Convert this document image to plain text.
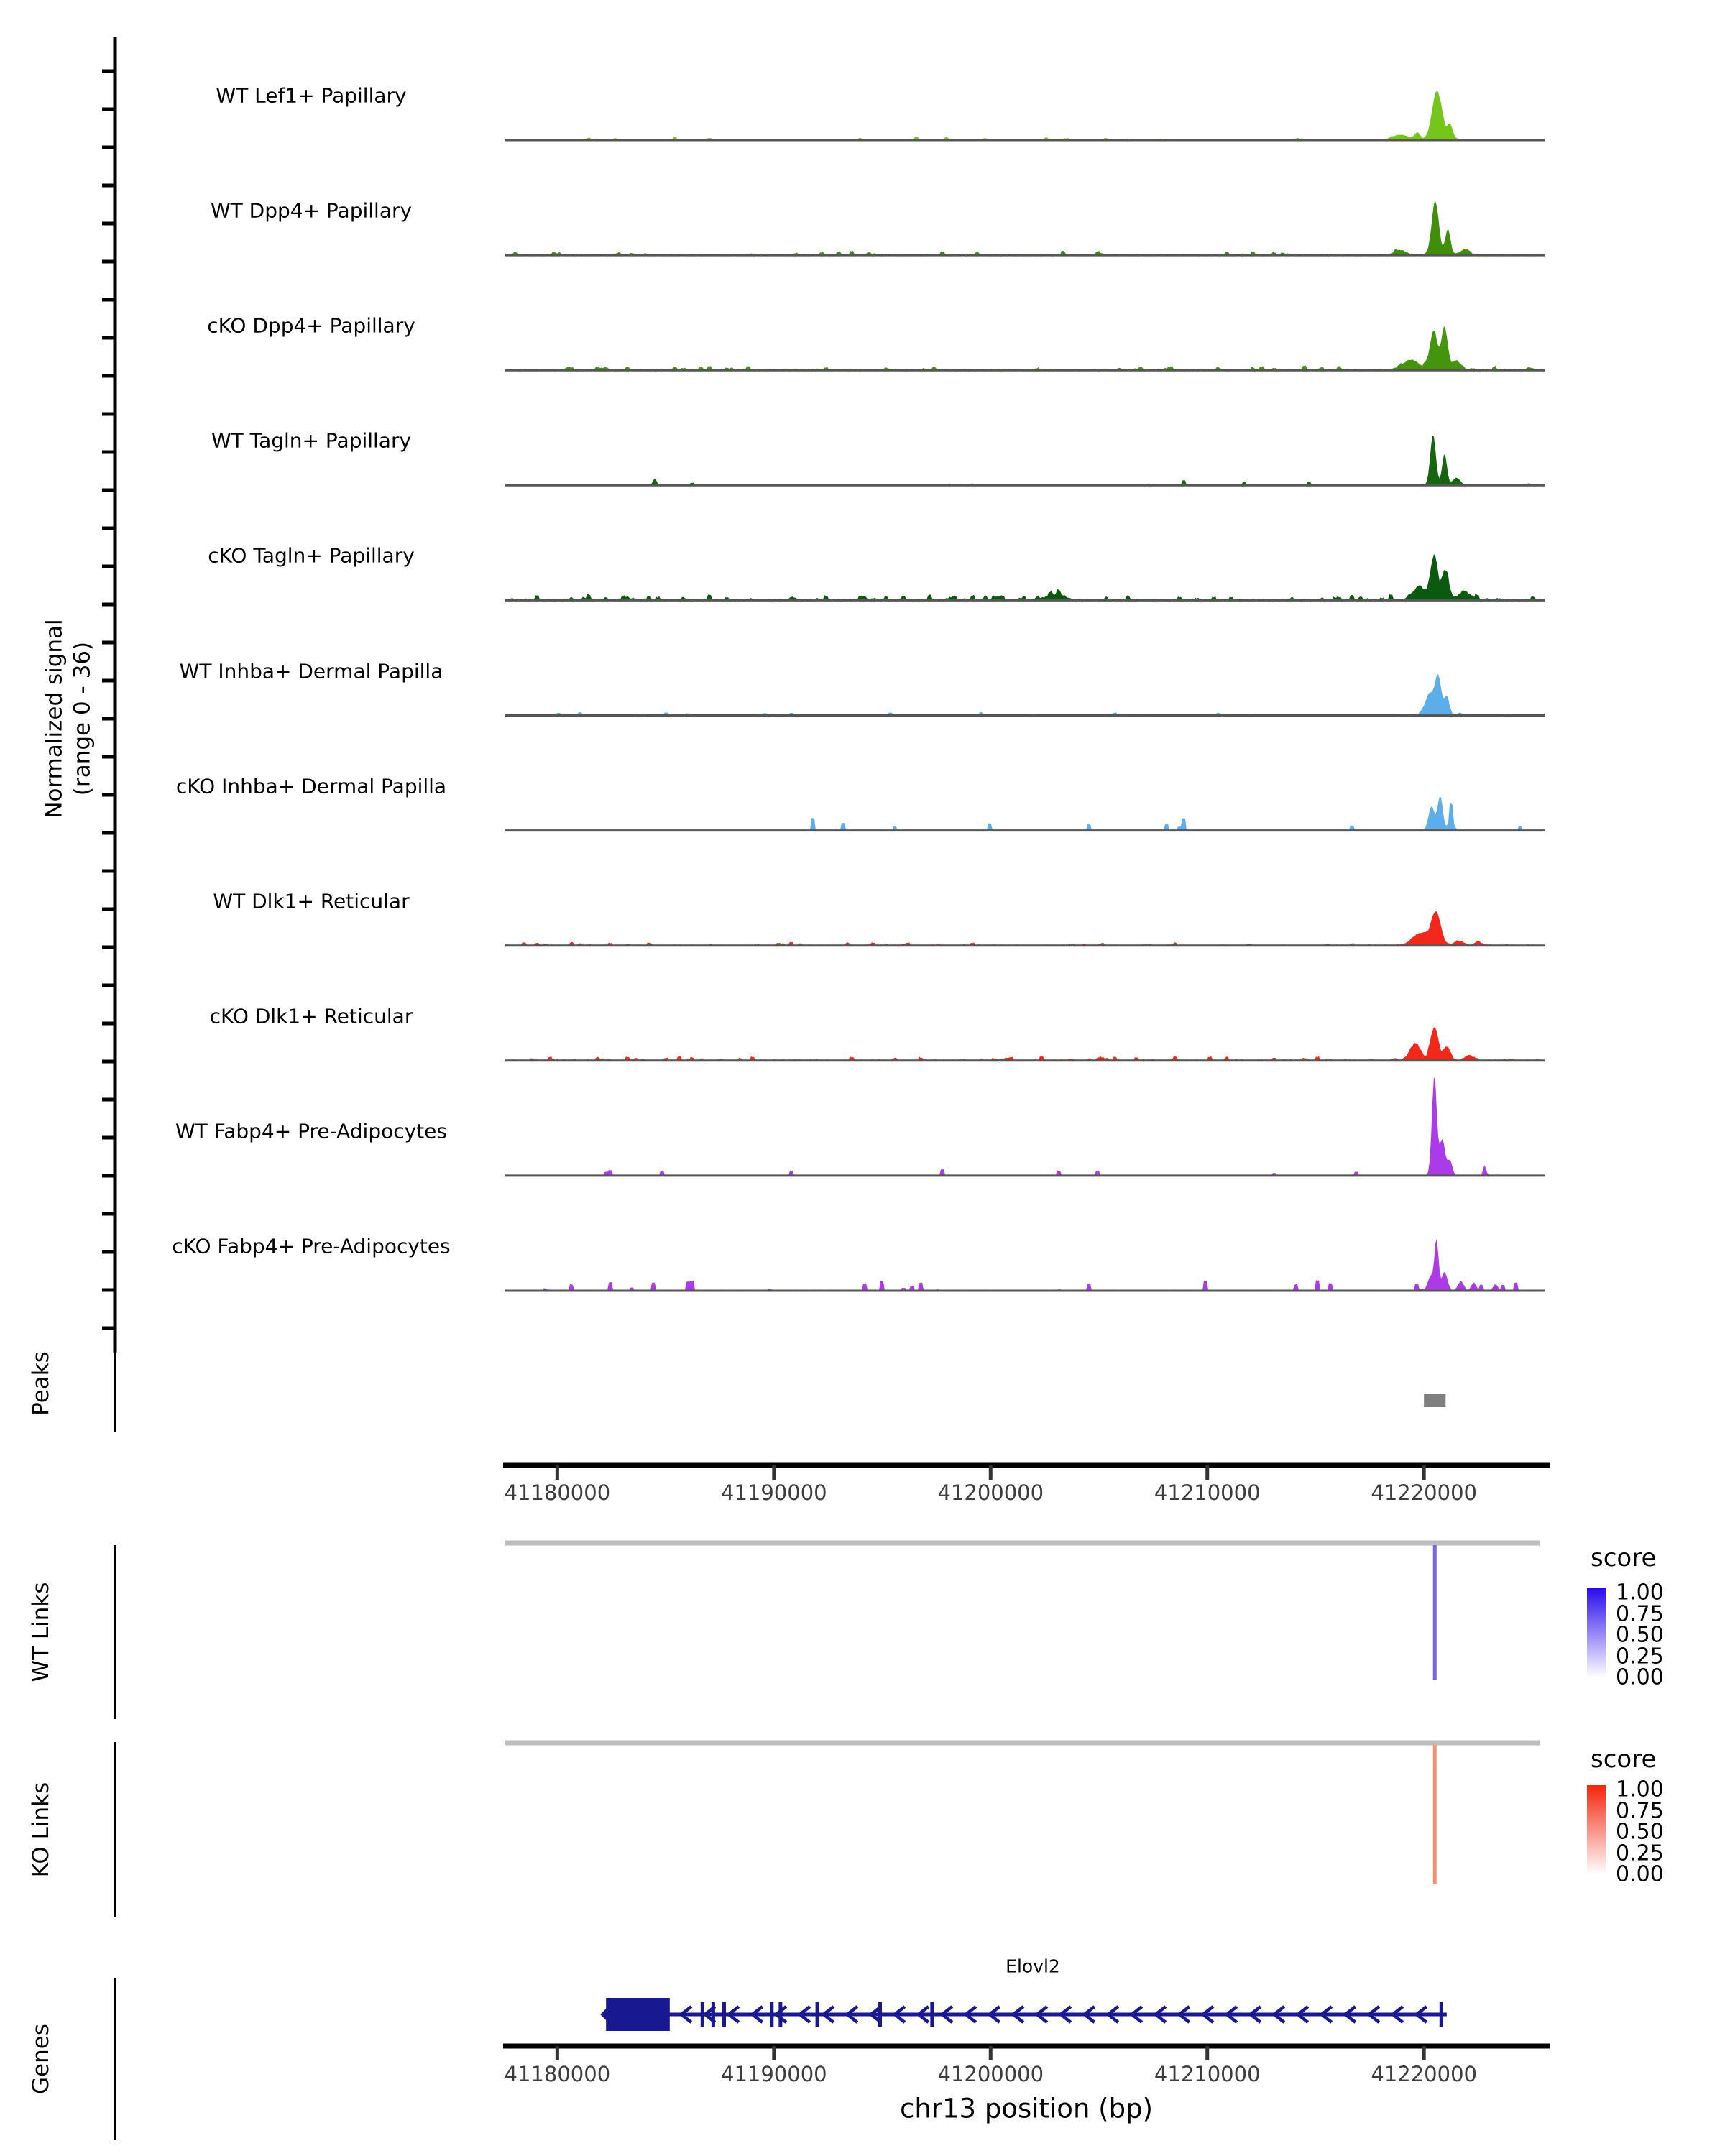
Normalized signal
(range 0 - 36)
chr13 position (bp)
WT Lef1+ Papillary
WT Dpp4+ Papillary
cKO Dpp4+ Papillary
WT Tagln+ Papillary
cKO Tagln+ Papillary
WT Inhba+ Dermal Papilla
cKO Inhba+ Dermal Papilla
WT Dlk1+ Reticular
cKO Dlk1+ Reticular
WT Fabp4+ Pre-Adipocytes
cKO Fabp4+ Pre-Adipocytes
Peaks
41180000	41190000	41200000	41210000	41220000
WT Links
score
1.00
0.75
0.50
0.25
0.00
KO Links
score
1.00
0.75
0.50
0.25
0.00
Genes
Elovl2
41180000	41190000	41200000	41210000	41220000
